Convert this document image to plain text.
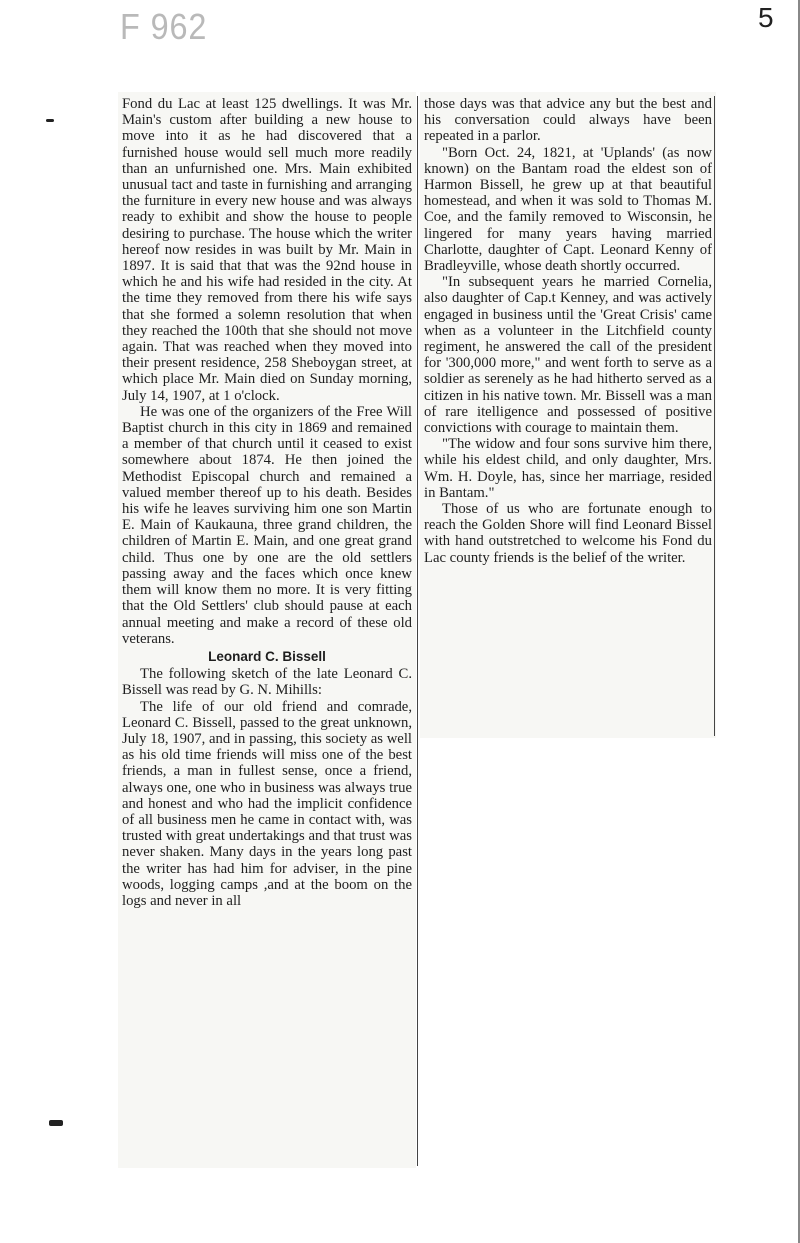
F 962	5

Fond du Lac at least 125 dwellings. It was Mr. Main's custom after building a new house to move into it as he had discovered that a furnished house would sell much more readily than an unfurnished one. Mrs. Main exhibited unusual tact and taste in furnishing and arranging the furniture in every new house and was always ready to exhibit and show the house to people desiring to purchase. The house which the writer hereof now resides in was built by Mr. Main in 1897. It is said that that was the 92nd house in which he and his wife had resided in the city. At the time they removed from there his wife says that she formed a solemn resolution that when they reached the 100th that she should not move again. That was reached when they moved into their present residence, 258 Sheboygan street, at which place Mr. Main died on Sunday morning, July 14, 1907, at 1 o'clock.

He was one of the organizers of the Free Will Baptist church in this city in 1869 and remained a member of that church until it ceased to exist somewhere about 1874. He then joined the Methodist Episcopal church and remained a valued member thereof up to his death. Besides his wife he leaves surviving him one son Martin E. Main of Kaukauna, three grand children, the children of Martin E. Main, and one great grand child. Thus one by one are the old settlers passing away and the faces which once knew them will know them no more. It is very fitting that the Old Settlers' club should pause at each annual meeting and make a record of these old veterans.

Leonard C. Bissell

The following sketch of the late Leonard C. Bissell was read by G. N. Mihills:

The life of our old friend and comrade, Leonard C. Bissell, passed to the great unknown, July 18, 1907, and in passing, this society as well as his old time friends will miss one of the best friends, a man in fullest sense, once a friend, always one, one who in business was always true and honest and who had the implicit confidence of all business men he came in contact with, was trusted with great undertakings and that trust was never shaken. Many days in the years long past the writer has had him for adviser, in the pine woods, logging camps ,and at the boom on the logs and never in all

those days was that advice any but the best and his conversation could always have been repeated in a parlor.

"Born Oct. 24, 1821, at 'Uplands' (as now known) on the Bantam road the eldest son of Harmon Bissell, he grew up at that beautiful homestead, and when it was sold to Thomas M. Coe, and the family removed to Wisconsin, he lingered for many years having married Charlotte, daughter of Capt. Leonard Kenny of Bradleyville, whose death shortly occurred.

"In subsequent years he married Cornelia, also daughter of Cap.t Kenney, and was actively engaged in business until the 'Great Crisis' came when as a volunteer in the Litchfield county regiment, he answered the call of the president for '300,000 more," and went forth to serve as a soldier as serenely as he had hitherto served as a citizen in his native town. Mr. Bissell was a man of rare itelligence and possessed of positive convictions with courage to maintain them.

"The widow and four sons survive him there, while his eldest child, and only daughter, Mrs. Wm. H. Doyle, has, since her marriage, resided in Bantam."

Those of us who are fortunate enough to reach the Golden Shore will find Leonard Bissel with hand outstretched to welcome his Fond du Lac county friends is the belief of the writer.
